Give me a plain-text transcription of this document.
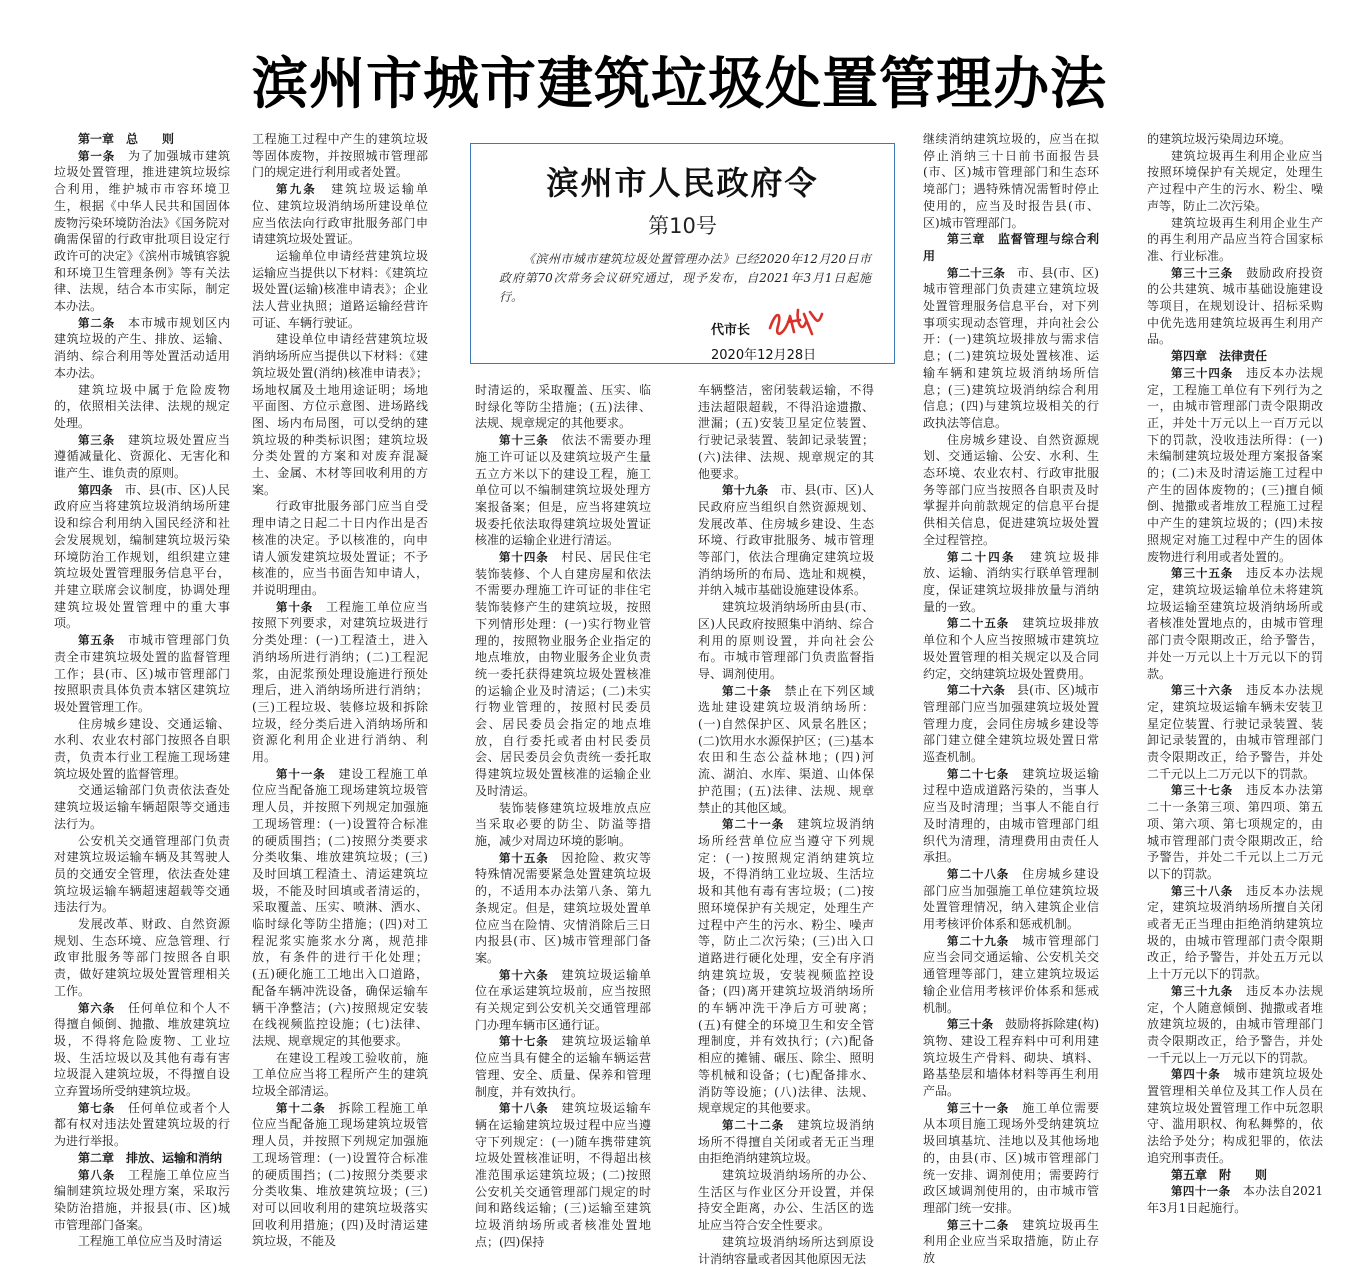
滨州市城市建筑垃圾处置管理办法

第一章　总　　则

第一条　为了加强城市建筑垃圾处置管理，推进建筑垃圾综合利用，维护城市市容环境卫生，根据《中华人民共和国固体废物污染环境防治法》《国务院对确需保留的行政审批项目设定行政许可的决定》《滨州市城镇容貌和环境卫生管理条例》等有关法律、法规，结合本市实际，制定本办法。

第二条　本市城市规划区内建筑垃圾的产生、排放、运输、消纳、综合利用等处置活动适用本办法。

建筑垃圾中属于危险废物的，依照相关法律、法规的规定处理。

第三条　建筑垃圾处置应当遵循减量化、资源化、无害化和谁产生、谁负责的原则。

第四条　市、县(市、区)人民政府应当将建筑垃圾消纳场所建设和综合利用纳入国民经济和社会发展规划，编制建筑垃圾污染环境防治工作规划，组织建立建筑垃圾处置管理服务信息平台，并建立联席会议制度，协调处理建筑垃圾处置管理中的重大事项。

第五条　市城市管理部门负责全市建筑垃圾处置的监督管理工作；县(市、区)城市管理部门按照职责具体负责本辖区建筑垃圾处置管理工作。

住房城乡建设、交通运输、水利、农业农村部门按照各自职责，负责本行业工程施工现场建筑垃圾处置的监督管理。

交通运输部门负责依法查处建筑垃圾运输车辆超限等交通违法行为。

公安机关交通管理部门负责对建筑垃圾运输车辆及其驾驶人员的交通安全管理，依法查处建筑垃圾运输车辆超速超载等交通违法行为。

发展改革、财政、自然资源规划、生态环境、应急管理、行政审批服务等部门按照各自职责，做好建筑垃圾处置管理相关工作。

第六条　任何单位和个人不得擅自倾倒、抛撒、堆放建筑垃圾，不得将危险废物、工业垃圾、生活垃圾以及其他有毒有害垃圾混入建筑垃圾，不得擅自设立弃置场所受纳建筑垃圾。

第七条　任何单位或者个人都有权对违法处置建筑垃圾的行为进行举报。

第二章　排放、运输和消纳

第八条　工程施工单位应当编制建筑垃圾处理方案，采取污染防治措施，并报县(市、区)城市管理部门备案。

工程施工单位应当及时清运

工程施工过程中产生的建筑垃圾等固体废物，并按照城市管理部门的规定进行利用或者处置。

第九条　建筑垃圾运输单位、建筑垃圾消纳场所建设单位应当依法向行政审批服务部门申请建筑垃圾处置证。

运输单位申请经营建筑垃圾运输应当提供以下材料：《建筑垃圾处置(运输)核准申请表》；企业法人营业执照；道路运输经营许可证、车辆行驶证。

建设单位申请经营建筑垃圾消纳场所应当提供以下材料：《建筑垃圾处置(消纳)核准申请表》；场地权属及土地用途证明；场地平面图、方位示意图、进场路线图、场内布局图，可以受纳的建筑垃圾的种类标识图；建筑垃圾分类处置的方案和对废弃混凝土、金属、木材等回收利用的方案。

行政审批服务部门应当自受理申请之日起二十日内作出是否核准的决定。予以核准的，向申请人颁发建筑垃圾处置证；不予核准的，应当书面告知申请人，并说明理由。

第十条　工程施工单位应当按照下列要求，对建筑垃圾进行分类处理：(一)工程渣土，进入消纳场所进行消纳；(二)工程泥浆，由泥浆预处理设施进行预处理后，进入消纳场所进行消纳；(三)工程垃圾、装修垃圾和拆除垃圾，经分类后进入消纳场所和资源化利用企业进行消纳、利用。

第十一条　建设工程施工单位应当配备施工现场建筑垃圾管理人员，并按照下列规定加强施工现场管理：(一)设置符合标准的硬质围挡；(二)按照分类要求分类收集、堆放建筑垃圾；(三)及时回填工程渣土、清运建筑垃圾，不能及时回填或者清运的，采取覆盖、压实、喷淋、洒水、临时绿化等防尘措施；(四)对工程泥浆实施浆水分离，规范排放，有条件的进行干化处理；(五)硬化施工工地出入口道路，配备车辆冲洗设备，确保运输车辆干净整洁；(六)按照规定安装在线视频监控设施；(七)法律、法规、规章规定的其他要求。

在建设工程竣工验收前，施工单位应当将工程所产生的建筑垃圾全部清运。

第十二条　拆除工程施工单位应当配备施工现场建筑垃圾管理人员，并按照下列规定加强施工现场管理：(一)设置符合标准的硬质围挡；(二)按照分类要求分类收集、堆放建筑垃圾；(三)对可以回收利用的建筑垃圾落实回收利用措施；(四)及时清运建筑垃圾，不能及

滨州市人民政府令
第10号
《滨州市城市建筑垃圾处置管理办法》已经2020年12月20日市政府第70次常务会议研究通过，现予发布，自2021年3月1日起施行。
代市长
2020年12月28日

时清运的，采取覆盖、压实、临时绿化等防尘措施；(五)法律、法规、规章规定的其他要求。

第十三条　依法不需要办理施工许可证以及建筑垃圾产生量五立方米以下的建设工程，施工单位可以不编制建筑垃圾处理方案报备案；但是，应当将建筑垃圾委托依法取得建筑垃圾处置证核准的运输企业进行清运。

第十四条　村民、居民住宅装饰装修、个人自建房屋和依法不需要办理施工许可证的非住宅装饰装修产生的建筑垃圾，按照下列情形处理：(一)实行物业管理的，按照物业服务企业指定的地点堆放，由物业服务企业负责统一委托获得建筑垃圾处置核准的运输企业及时清运；(二)未实行物业管理的，按照村民委员会、居民委员会指定的地点堆放，自行委托或者由村民委员会、居民委员会负责统一委托取得建筑垃圾处置核准的运输企业及时清运。

装饰装修建筑垃圾堆放点应当采取必要的防尘、防溢等措施，减少对周边环境的影响。

第十五条　因抢险、救灾等特殊情况需要紧急处置建筑垃圾的，不适用本办法第八条、第九条规定。但是，建筑垃圾处置单位应当在险情、灾情消除后三日内报县(市、区)城市管理部门备案。

第十六条　建筑垃圾运输单位在承运建筑垃圾前，应当按照有关规定到公安机关交通管理部门办理车辆市区通行证。

第十七条　建筑垃圾运输单位应当具有健全的运输车辆运营管理、安全、质量、保养和管理制度，并有效执行。

第十八条　建筑垃圾运输车辆在运输建筑垃圾过程中应当遵守下列规定：(一)随车携带建筑垃圾处置核准证明，不得超出核准范围承运建筑垃圾；(二)按照公安机关交通管理部门规定的时间和路线运输；(三)运输至建筑垃圾消纳场所或者核准处置地点；(四)保持

车辆整洁，密闭装载运输，不得违法超限超载，不得沿途遗撒、泄漏；(五)安装卫星定位装置、行驶记录装置、装卸记录装置；(六)法律、法规、规章规定的其他要求。

第十九条　市、县(市、区)人民政府应当组织自然资源规划、发展改革、住房城乡建设、生态环境、行政审批服务、城市管理等部门，依法合理确定建筑垃圾消纳场所的布局、选址和规模，并纳入城市基础设施建设体系。

建筑垃圾消纳场所由县(市、区)人民政府按照集中消纳、综合利用的原则设置，并向社会公布。市城市管理部门负责监督指导、调剂使用。

第二十条　禁止在下列区域选址建设建筑垃圾消纳场所：(一)自然保护区、风景名胜区；(二)饮用水水源保护区；(三)基本农田和生态公益林地；(四)河流、湖泊、水库、渠道、山体保护范围；(五)法律、法规、规章禁止的其他区域。

第二十一条　建筑垃圾消纳场所经营单位应当遵守下列规定：(一)按照规定消纳建筑垃圾，不得消纳工业垃圾、生活垃圾和其他有毒有害垃圾；(二)按照环境保护有关规定，处理生产过程中产生的污水、粉尘、噪声等，防止二次污染；(三)出入口道路进行硬化处理，安全有序消纳建筑垃圾，安装视频监控设备；(四)离开建筑垃圾消纳场所的车辆冲洗干净后方可驶离；(五)有健全的环境卫生和安全管理制度，并有效执行；(六)配备相应的摊铺、碾压、除尘、照明等机械和设备；(七)配备排水、消防等设施；(八)法律、法规、规章规定的其他要求。

第二十二条　建筑垃圾消纳场所不得擅自关闭或者无正当理由拒绝消纳建筑垃圾。

建筑垃圾消纳场所的办公、生活区与作业区分开设置，并保持安全距离，办公、生活区的选址应当符合安全性要求。

建筑垃圾消纳场所达到原设计消纳容量或者因其他原因无法

继续消纳建筑垃圾的，应当在拟停止消纳三十日前书面报告县(市、区)城市管理部门和生态环境部门；遇特殊情况需暂时停止使用的，应当及时报告县(市、区)城市管理部门。

第三章　监督管理与综合利用

第二十三条　市、县(市、区)城市管理部门负责建立建筑垃圾处置管理服务信息平台，对下列事项实现动态管理，并向社会公开：(一)建筑垃圾排放与需求信息；(二)建筑垃圾处置核准、运输车辆和建筑垃圾消纳场所信息；(三)建筑垃圾消纳综合利用信息；(四)与建筑垃圾相关的行政执法等信息。

住房城乡建设、自然资源规划、交通运输、公安、水利、生态环境、农业农村、行政审批服务等部门应当按照各自职责及时掌握并向前款规定的信息平台提供相关信息，促进建筑垃圾处置全过程管控。

第二十四条　建筑垃圾排放、运输、消纳实行联单管理制度，保证建筑垃圾排放量与消纳量的一致。

第二十五条　建筑垃圾排放单位和个人应当按照城市建筑垃圾处置管理的相关规定以及合同约定，交纳建筑垃圾处置费用。

第二十六条　县(市、区)城市管理部门应当加强建筑垃圾处置管理力度，会同住房城乡建设等部门建立健全建筑垃圾处置日常巡查机制。

第二十七条　建筑垃圾运输过程中造成道路污染的，当事人应当及时清理；当事人不能自行及时清理的，由城市管理部门组织代为清理，清理费用由责任人承担。

第二十八条　住房城乡建设部门应当加强施工单位建筑垃圾处置管理情况，纳入建筑企业信用考核评价体系和惩戒机制。

第二十九条　城市管理部门应当会同交通运输、公安机关交通管理等部门，建立建筑垃圾运输企业信用考核评价体系和惩戒机制。

第三十条　鼓励将拆除建(构)筑物、建设工程弃料中可利用建筑垃圾生产骨料、砌块、填料、路基垫层和墙体材料等再生利用产品。

第三十一条　施工单位需要从本项目施工现场外受纳建筑垃圾回填基坑、洼地以及其他场地的，由县(市、区)城市管理部门统一安排、调剂使用；需要跨行政区域调剂使用的，由市城市管理部门统一安排。

第三十二条　建筑垃圾再生利用企业应当采取措施，防止存放

的建筑垃圾污染周边环境。

建筑垃圾再生利用企业应当按照环境保护有关规定，处理生产过程中产生的污水、粉尘、噪声等，防止二次污染。

建筑垃圾再生利用企业生产的再生利用产品应当符合国家标准、行业标准。

第三十三条　鼓励政府投资的公共建筑、城市基础设施建设等项目，在规划设计、招标采购中优先选用建筑垃圾再生利用产品。

第四章　法律责任

第三十四条　违反本办法规定，工程施工单位有下列行为之一，由城市管理部门责令限期改正，并处十万元以上一百万元以下的罚款，没收违法所得：(一)未编制建筑垃圾处理方案报备案的；(二)未及时清运施工过程中产生的固体废物的；(三)擅自倾倒、抛撒或者堆放工程施工过程中产生的建筑垃圾的；(四)未按照规定对施工过程中产生的固体废物进行利用或者处置的。

第三十五条　违反本办法规定，建筑垃圾运输单位未将建筑垃圾运输至建筑垃圾消纳场所或者核准处置地点的，由城市管理部门责令限期改正，给予警告，并处一万元以上十万元以下的罚款。

第三十六条　违反本办法规定，建筑垃圾运输车辆未安装卫星定位装置、行驶记录装置、装卸记录装置的，由城市管理部门责令限期改正，给予警告，并处二千元以上二万元以下的罚款。

第三十七条　违反本办法第二十一条第三项、第四项、第五项、第六项、第七项规定的，由城市管理部门责令限期改正，给予警告，并处二千元以上二万元以下的罚款。

第三十八条　违反本办法规定，建筑垃圾消纳场所擅自关闭或者无正当理由拒绝消纳建筑垃圾的，由城市管理部门责令限期改正，给予警告，并处五万元以上十万元以下的罚款。

第三十九条　违反本办法规定，个人随意倾倒、抛撒或者堆放建筑垃圾的，由城市管理部门责令限期改正，给予警告，并处一千元以上一万元以下的罚款。

第四十条　城市建筑垃圾处置管理相关单位及其工作人员在建筑垃圾处置管理工作中玩忽职守、滥用职权、徇私舞弊的，依法给予处分；构成犯罪的，依法追究刑事责任。

第五章　附　　则

第四十一条　本办法自2021年3月1日起施行。
